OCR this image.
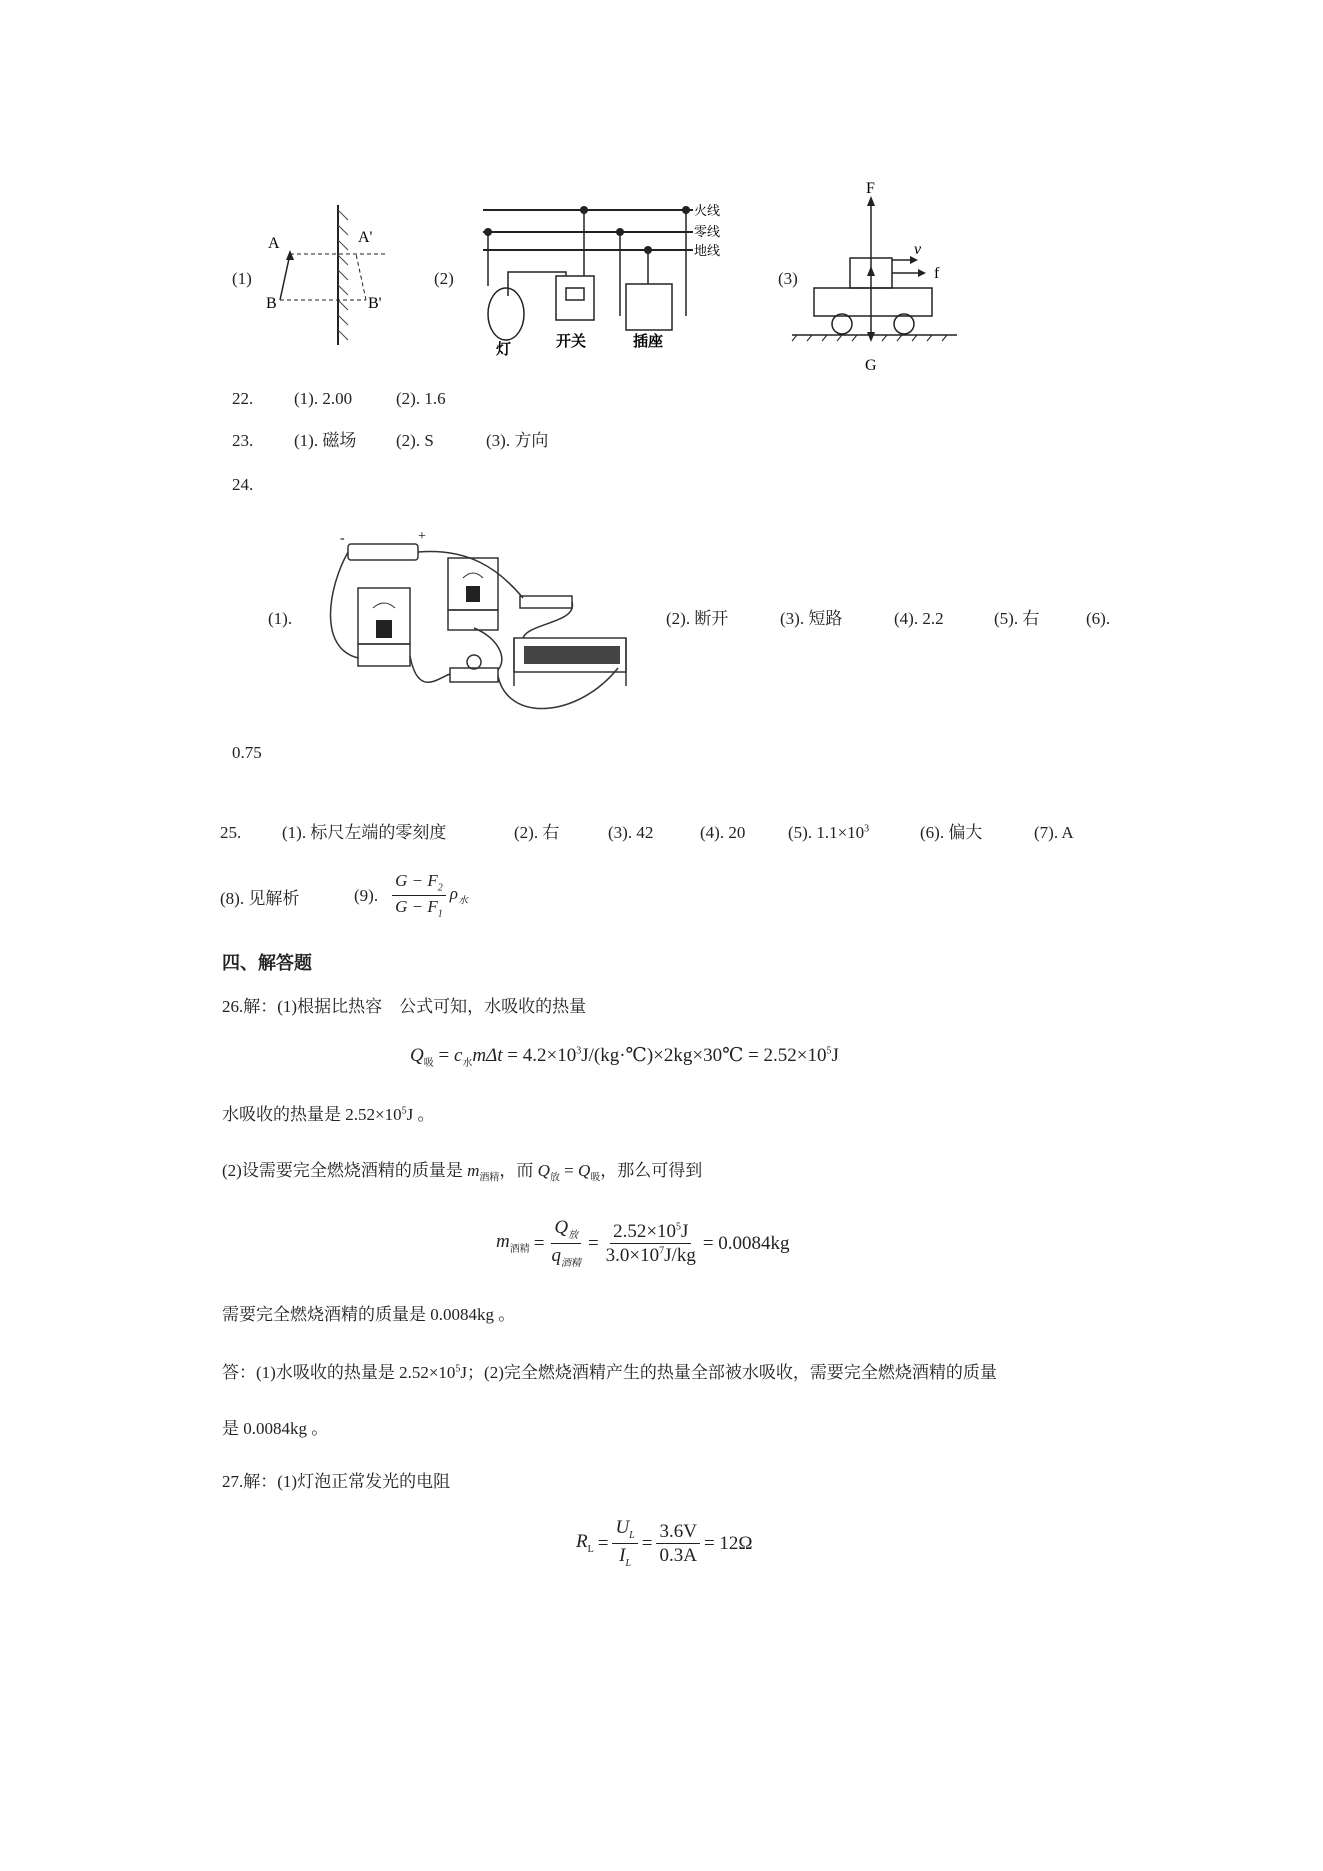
(1)
A
B
A'
B'
(2)
火线
零线
地线
灯	开关	插座
(3)
F
v
f
G
22. (1). 2.00	(2). 1.6
23. (1). 磁场 (2). S	(3). 方向
24.
(1).
-	+
(2). 断开	(3). 短路	(4). 2.2	(5). 右	(6).
0.75
25. (1). 标尺左端的零刻度	(2). 右	(3). 42	(4). 20	(5). $1.1\times 10^3$	(6). 偏大	(7). A
(8). 见解析	(9). $\frac{G - F_2}{G - F_1} \rho_水$
四、解答题
26.解：(1)根据比热容　公式可知，水吸收的热量
$Q_吸 = c_水m\Delta t$ = $4.2\times 10^3J/(kg\cdot℃)\times 2kg\times 30℃ = 2.52\times 10^5J$
水吸收的热量是 $2.52\times 10^5J$ 。
(2)设需要完全燃烧酒精的质量是 $m_{酒精}$，而 $Q_放 = Q_吸$，那么可得到
$m_{酒精} = \frac{Q_放}{q_{酒精}} = \frac{2.52\times 10^5J}{3.0\times 10^7J/kg} = 0.0084kg$
需要完全燃烧酒精的质量是 0.0084kg 。
答：(1)水吸收的热量是 $2.52\times 10^5J$；(2)完全燃烧酒精产生的热量全部被水吸收，需要完全燃烧酒精的质量
是 0.0084kg 。
27.解：(1)灯泡正常发光的电阻
$R_L = \frac{U_L}{I_L} = \frac{3.6V}{0.3A} = 12\Omega$
